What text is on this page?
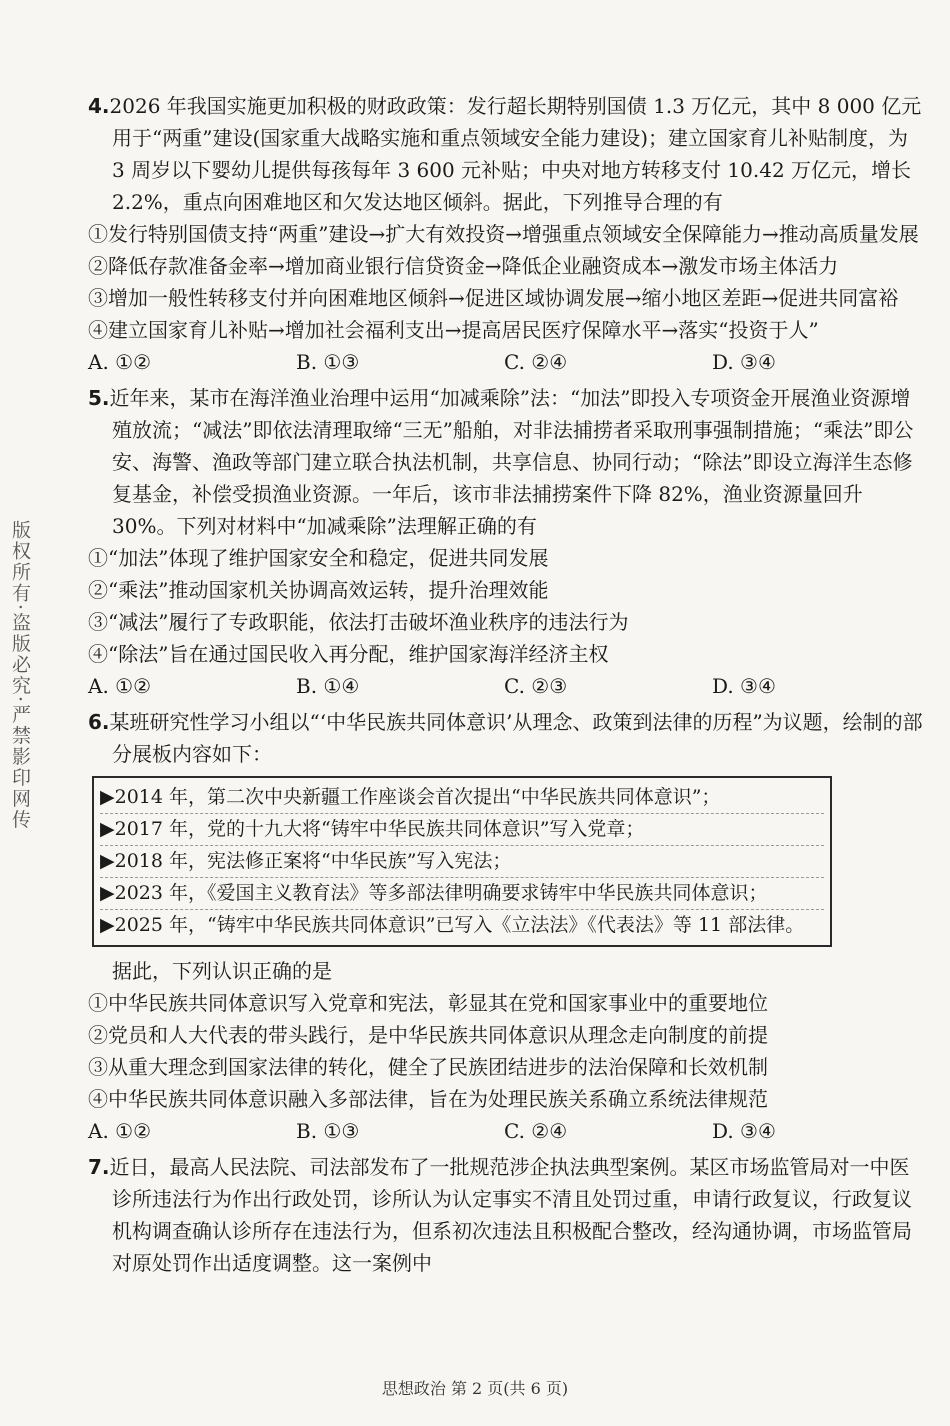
版权所有·盗版必究·严禁影印网传

4.2026 年我国实施更加积极的财政政策：发行超长期特别国债 1.3 万亿元，其中 8 000 亿元用于“两重”建设(国家重大战略实施和重点领域安全能力建设)；建立国家育儿补贴制度，为 3 周岁以下婴幼儿提供每孩每年 3 600 元补贴；中央对地方转移支付 10.42 万亿元，增长 2.2%，重点向困难地区和欠发达地区倾斜。据此，下列推导合理的有

①发行特别国债支持“两重”建设→扩大有效投资→增强重点领域安全保障能力→推动高质量发展

②降低存款准备金率→增加商业银行信贷资金→降低企业融资成本→激发市场主体活力

③增加一般性转移支付并向困难地区倾斜→促进区域协调发展→缩小地区差距→促进共同富裕

④建立国家育儿补贴→增加社会福利支出→提高居民医疗保障水平→落实“投资于人”

A. ①②	B. ①③	C. ②④	D. ③④

5.近年来，某市在海洋渔业治理中运用“加减乘除”法：“加法”即投入专项资金开展渔业资源增殖放流；“减法”即依法清理取缔“三无”船舶，对非法捕捞者采取刑事强制措施；“乘法”即公安、海警、渔政等部门建立联合执法机制，共享信息、协同行动；“除法”即设立海洋生态修复基金，补偿受损渔业资源。一年后，该市非法捕捞案件下降 82%，渔业资源量回升 30%。下列对材料中“加减乘除”法理解正确的有

①“加法”体现了维护国家安全和稳定，促进共同发展

②“乘法”推动国家机关协调高效运转，提升治理效能

③“减法”履行了专政职能，依法打击破坏渔业秩序的违法行为

④“除法”旨在通过国民收入再分配，维护国家海洋经济主权

A. ①②	B. ①④	C. ②③	D. ③④

6.某班研究性学习小组以“‘中华民族共同体意识’从理念、政策到法律的历程”为议题，绘制的部分展板内容如下：

▶2014 年，第二次中央新疆工作座谈会首次提出“中华民族共同体意识”；
▶2017 年，党的十九大将“铸牢中华民族共同体意识”写入党章；
▶2018 年，宪法修正案将“中华民族”写入宪法；
▶2023 年，《爱国主义教育法》等多部法律明确要求铸牢中华民族共同体意识；
▶2025 年，“铸牢中华民族共同体意识”已写入《立法法》《代表法》等 11 部法律。

据此，下列认识正确的是

①中华民族共同体意识写入党章和宪法，彰显其在党和国家事业中的重要地位

②党员和人大代表的带头践行，是中华民族共同体意识从理念走向制度的前提

③从重大理念到国家法律的转化，健全了民族团结进步的法治保障和长效机制

④中华民族共同体意识融入多部法律，旨在为处理民族关系确立系统法律规范

A. ①②	B. ①③	C. ②④	D. ③④

7.近日，最高人民法院、司法部发布了一批规范涉企执法典型案例。某区市场监管局对一中医诊所违法行为作出行政处罚，诊所认为认定事实不清且处罚过重，申请行政复议，行政复议机构调查确认诊所存在违法行为，但系初次违法且积极配合整改，经沟通协调，市场监管局对原处罚作出适度调整。这一案例中

思想政治 第 2 页(共 6 页)
